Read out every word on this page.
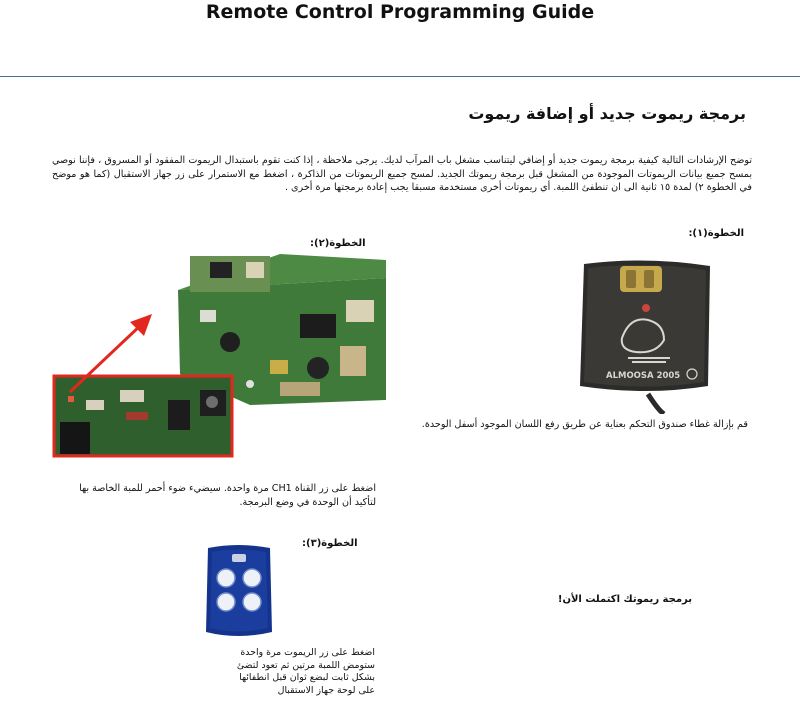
Remote Control Programming Guide
برمجة ريموت جديد أو إضافة ريموت
توضح الإرشادات التالية كيفية برمجة ريموت جديد أو إضافي ليتناسب مشغل باب المرآب لديك. يرجى ملاحظة ، إذا كنت تقوم باستبدال الريموت المفقود أو المسروق ، فإننا نوصي بمسح جميع بيانات الريموتات الموجودة من المشغل قبل برمجة ريموتك الجديد. لمسح جميع الريموتات من الذاكرة ، اضغط مع الاستمرار على زر جهاز الاستقبال (كما هو موضح في الخطوة ٢) لمدة ١٥ ثانية الى ان تنطفئ اللمبة. أي ريموتات أخرى مستخدمة مسبقا يجب إعادة برمجتها مرة أخرى .
الخطوة(١):
ALMOOSA 2005
قم بإزالة غطاء صندوق التحكم بعناية عن طريق رفع اللسان الموجود أسفل الوحدة.
الخطوة(٢):
اضغط على زر القناة CH1 مرة واحدة. سيضيء ضوء أحمر للمبة الخاصة بها لتأكيد أن الوحدة في وضع البرمجة.
الخطوة(٣):
اضغط على زر الريموت مرة واحدة
ستومض اللمبة مرتين ثم تعود لتضئ
بشكل ثابت لبضع ثوان قبل انطفائها
على لوحة جهاز الاستقبال
برمجة ريموتك اكتملت الأن!
